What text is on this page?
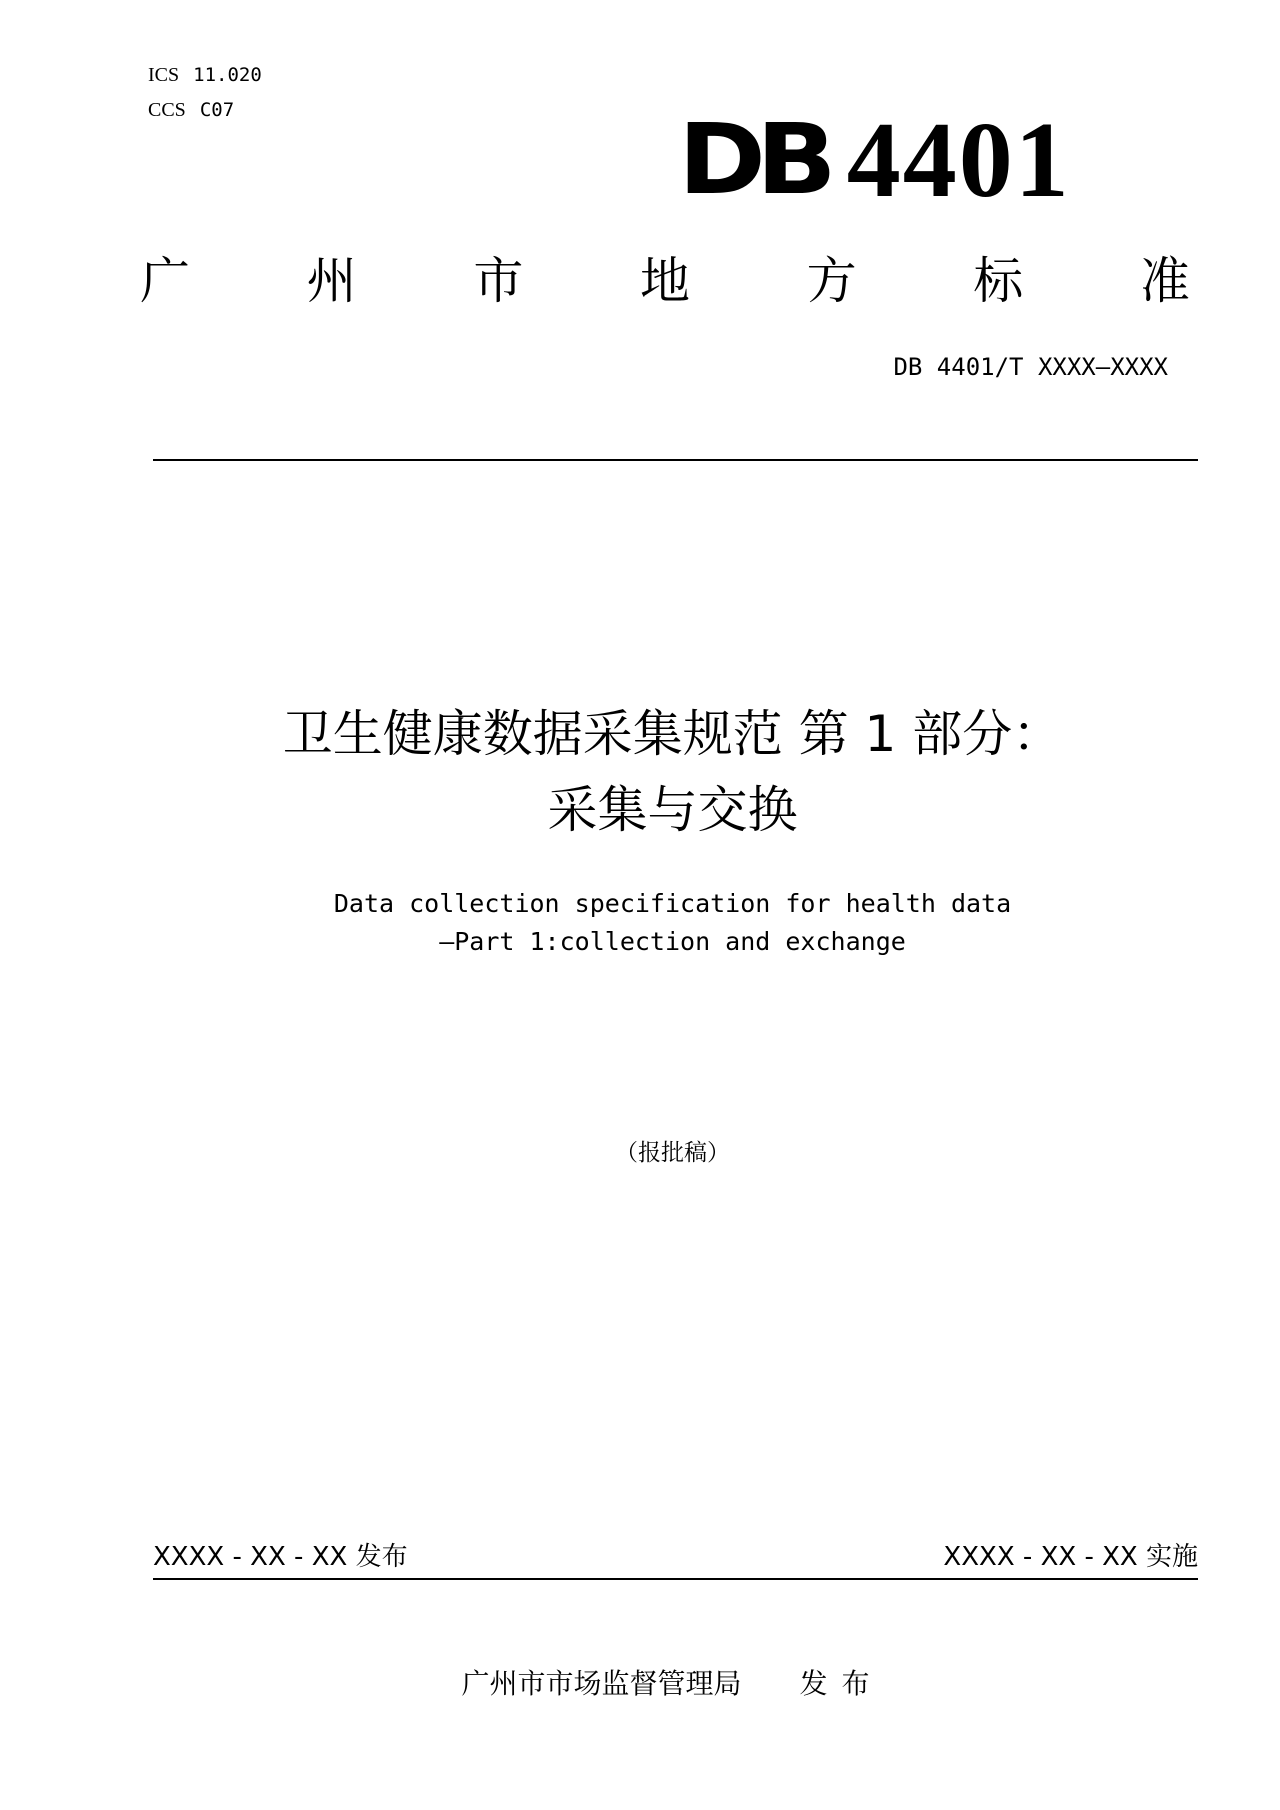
ICS 11.020
CCS C07	DB 4401
广 州 市 地 方 标 准
DB 4401/T XXXX—XXXX
卫生健康数据采集规范 第 1 部分：
采集与交换
Data collection specification for health data
—Part 1:collection and exchange
（报批稿）
XXXX - XX - XX 发布	XXXX - XX - XX 实施
广州市市场监督管理局 发布
